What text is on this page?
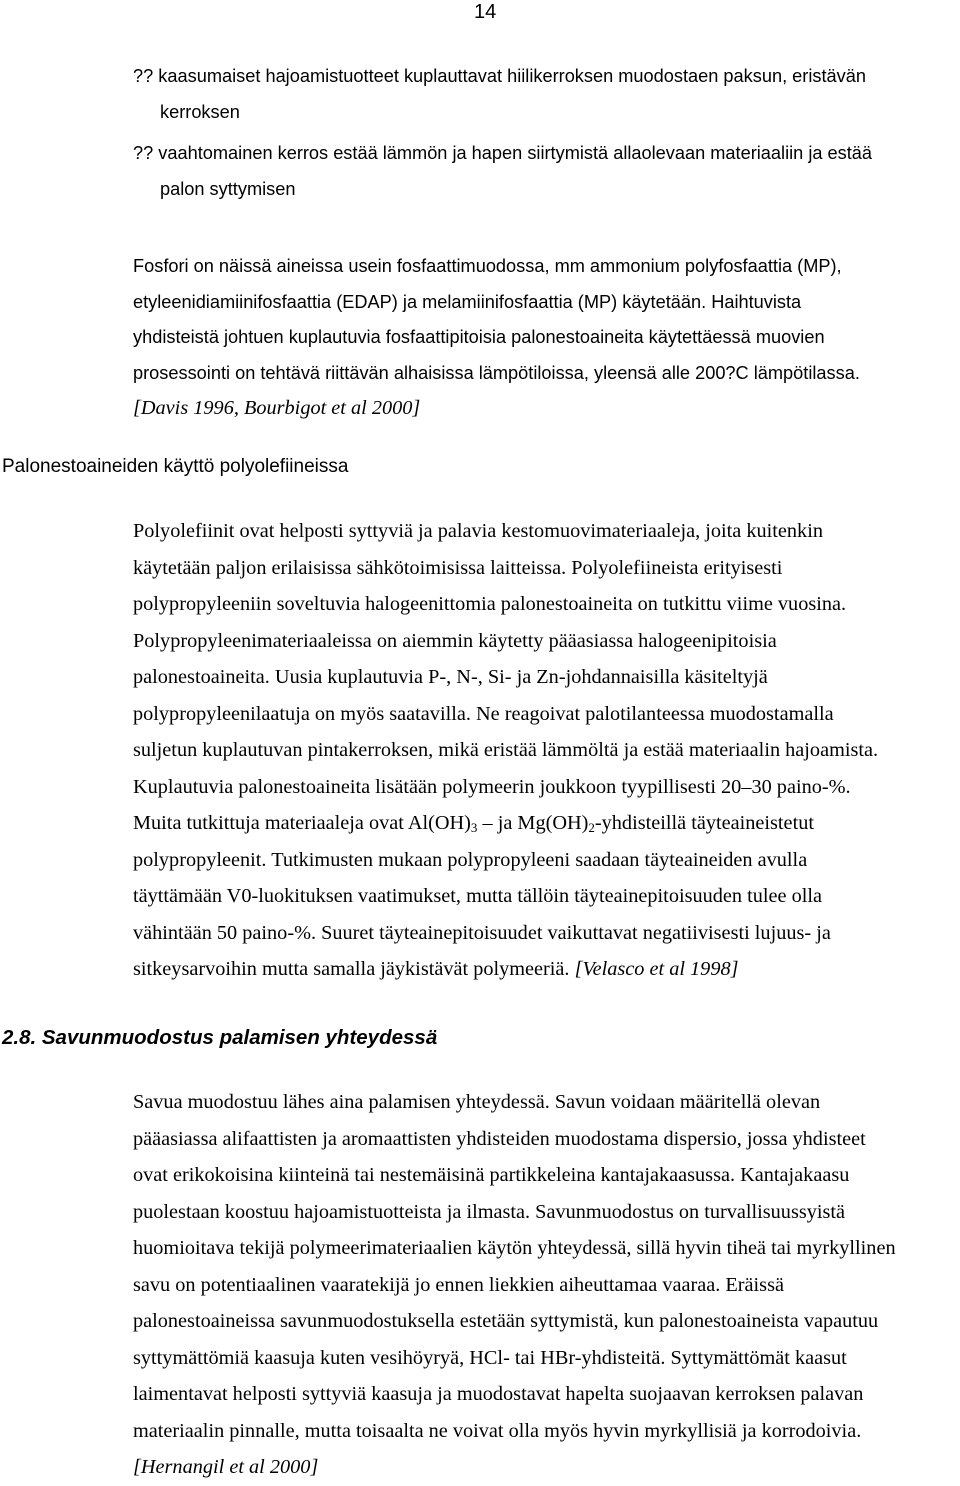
14
?? kaasumaiset hajoamistuotteet kuplauttavat hiilikerroksen muodostaen paksun, eristävän
kerroksen
?? vaahtomainen kerros estää lämmön ja hapen siirtymistä allaolevaan materiaaliin ja estää
palon syttymisen
Fosfori on näissä aineissa usein fosfaattimuodossa, mm ammonium polyfosfaattia (MP),
etyleenidiamiinifosfaattia (EDAP) ja melamiinifosfaattia (MP) käytetään. Haihtuvista
yhdisteistä johtuen kuplautuvia fosfaattipitoisia palonestoaineita käytettäessä muovien
prosessointi on tehtävä riittävän alhaisissa lämpötiloissa, yleensä alle 200?C lämpötilassa.
[Davis 1996, Bourbigot et al 2000]
Palonestoaineiden käyttö polyolefiineissa
Polyolefiinit ovat helposti syttyviä ja palavia kestomuovimateriaaleja, joita kuitenkin
käytetään paljon erilaisissa sähkötoimisissa laitteissa. Polyolefiineista erityisesti
polypropyleeniin soveltuvia halogeenittomia palonestoaineita on tutkittu viime vuosina.
Polypropyleenimateriaaleissa on aiemmin käytetty pääasiassa halogeenipitoisia
palonestoaineita. Uusia kuplautuvia P-, N-, Si- ja Zn-johdannaisilla käsiteltyjä
polypropyleenilaatuja on myös saatavilla. Ne reagoivat palotilanteessa muodostamalla
suljetun kuplautuvan pintakerroksen, mikä eristää lämmöltä ja estää materiaalin hajoamista.
Kuplautuvia palonestoaineita lisätään polymeerin joukkoon tyypillisesti 20–30 paino-%.
Muita tutkittuja materiaaleja ovat $Al(OH)_3$ – ja $Mg(OH)_2$-yhdisteillä täyteaineistetut
polypropyleenit. Tutkimusten mukaan polypropyleeni saadaan täyteaineiden avulla
täyttämään V0-luokituksen vaatimukset, mutta tällöin täyteainepitoisuuden tulee olla
vähintään 50 paino-%. Suuret täyteainepitoisuudet vaikuttavat negatiivisesti lujuus- ja
sitkeysarvoihin mutta samalla jäykistävät polymeeriä. [Velasco et al 1998]
2.8. Savunmuodostus palamisen yhteydessä
Savua muodostuu lähes aina palamisen yhteydessä. Savun voidaan määritellä olevan
pääasiassa alifaattisten ja aromaattisten yhdisteiden muodostama dispersio, jossa yhdisteet
ovat erikokoisina kiinteinä tai nestemäisinä partikkeleina kantajakaasussa. Kantajakaasu
puolestaan koostuu hajoamistuotteista ja ilmasta. Savunmuodostus on turvallisuussyistä
huomioitava tekijä polymeerimateriaalien käytön yhteydessä, sillä hyvin tiheä tai myrkyllinen
savu on potentiaalinen vaaratekijä jo ennen liekkien aiheuttamaa vaaraa. Eräissä
palonestoaineissa savunmuodostuksella estetään syttymistä, kun palonestoaineista vapautuu
syttymättömiä kaasuja kuten vesihöyryä, HCl- tai HBr-yhdisteitä. Syttymättömät kaasut
laimentavat helposti syttyviä kaasuja ja muodostavat hapelta suojaavan kerroksen palavan
materiaalin pinnalle, mutta toisaalta ne voivat olla myös hyvin myrkyllisiä ja korrodoivia.
[Hernangil et al 2000]
